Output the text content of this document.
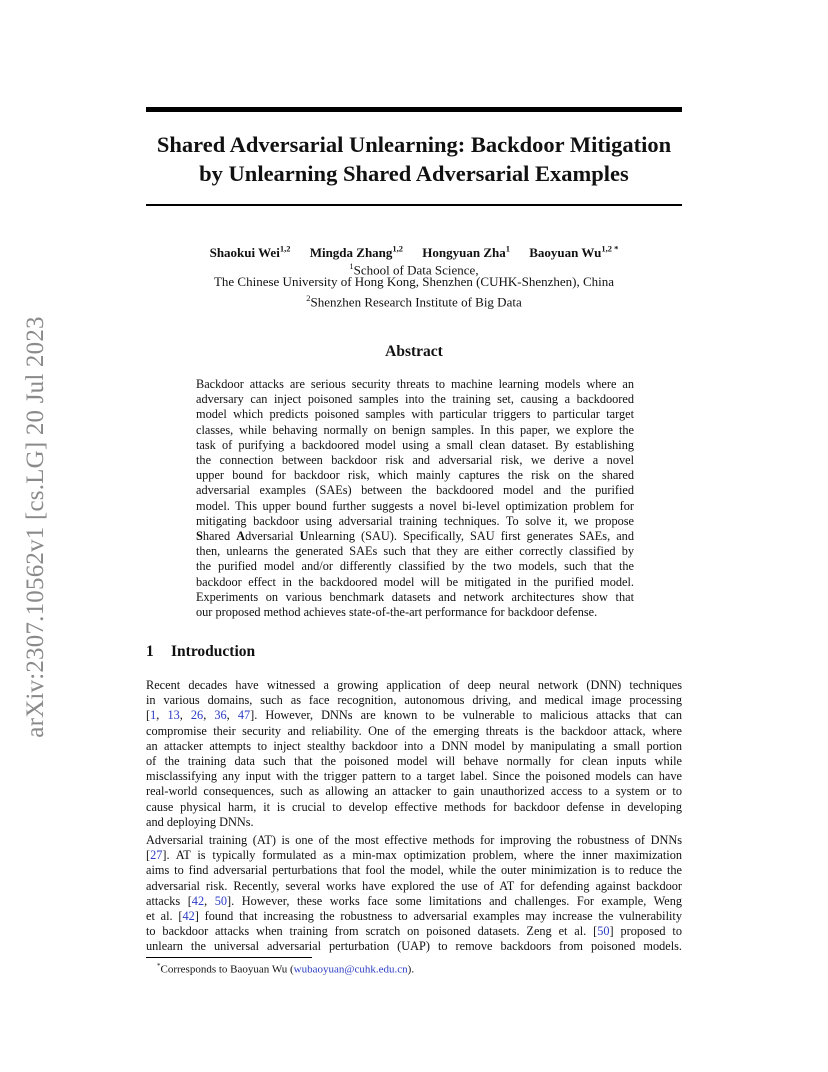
arXiv:2307.10562v1 [cs.LG] 20 Jul 2023
Shared Adversarial Unlearning: Backdoor Mitigation
by Unlearning Shared Adversarial Examples
Shaokui Wei$^{1,2}$ Mingda Zhang$^{1,2}$ Hongyuan Zha$^1$ Baoyuan $Wu^{1,2 *}$
$^1$School of Data Science,
The Chinese University of Hong Kong, Shenzhen (CUHK-Shenzhen), China
$^2$Shenzhen Research Institute of Big Data
Abstract
Backdoor attacks are serious security threats to machine learning models where an
adversary can inject poisoned samples into the training set, causing a backdoored
model which predicts poisoned samples with particular triggers to particular target
classes, while behaving normally on benign samples. In this paper, we explore the
task of purifying a backdoored model using a small clean dataset. By establishing
the connection between backdoor risk and adversarial risk, we derive a novel
upper bound for backdoor risk, which mainly captures the risk on the shared
adversarial examples (SAEs) between the backdoored model and the purified
model. This upper bound further suggests a novel bi-level optimization problem for
mitigating backdoor using adversarial training techniques. To solve it, we propose
Shared Adversarial Unlearning (SAU). Specifically, SAU first generates SAEs, and
then, unlearns the generated SAEs such that they are either correctly classified by
the purified model and/or differently classified by the two models, such that the
backdoor effect in the backdoored model will be mitigated in the purified model.
Experiments on various benchmark datasets and network architectures show that
our proposed method achieves state-of-the-art performance for backdoor defense.
1 Introduction
Recent decades have witnessed a growing application of deep neural network (DNN) techniques
in various domains, such as face recognition, autonomous driving, and medical image processing
[1, 13, 26, 36, 47]. However, DNNs are known to be vulnerable to malicious attacks that can
compromise their security and reliability. One of the emerging threats is the backdoor attack, where
an attacker attempts to inject stealthy backdoor into a DNN model by manipulating a small portion
of the training data such that the poisoned model will behave normally for clean inputs while
misclassifying any input with the trigger pattern to a target label. Since the poisoned models can have
real-world consequences, such as allowing an attacker to gain unauthorized access to a system or to
cause physical harm, it is crucial to develop effective methods for backdoor defense in developing
and deploying DNNs.
Adversarial training (AT) is one of the most effective methods for improving the robustness of DNNs
[27]. AT is typically formulated as a min-max optimization problem, where the inner maximization
aims to find adversarial perturbations that fool the model, while the outer minimization is to reduce the
adversarial risk. Recently, several works have explored the use of AT for defending against backdoor
attacks [42, 50]. However, these works face some limitations and challenges. For example, Weng
et al. [42] found that increasing the robustness to adversarial examples may increase the vulnerability
to backdoor attacks when training from scratch on poisoned datasets. Zeng et al. [50] proposed to
unlearn the universal adversarial perturbation (UAP) to remove backdoors from poisoned models.
*Corresponds to Baoyuan Wu (wubaoyuan@cuhk.edu.cn).
